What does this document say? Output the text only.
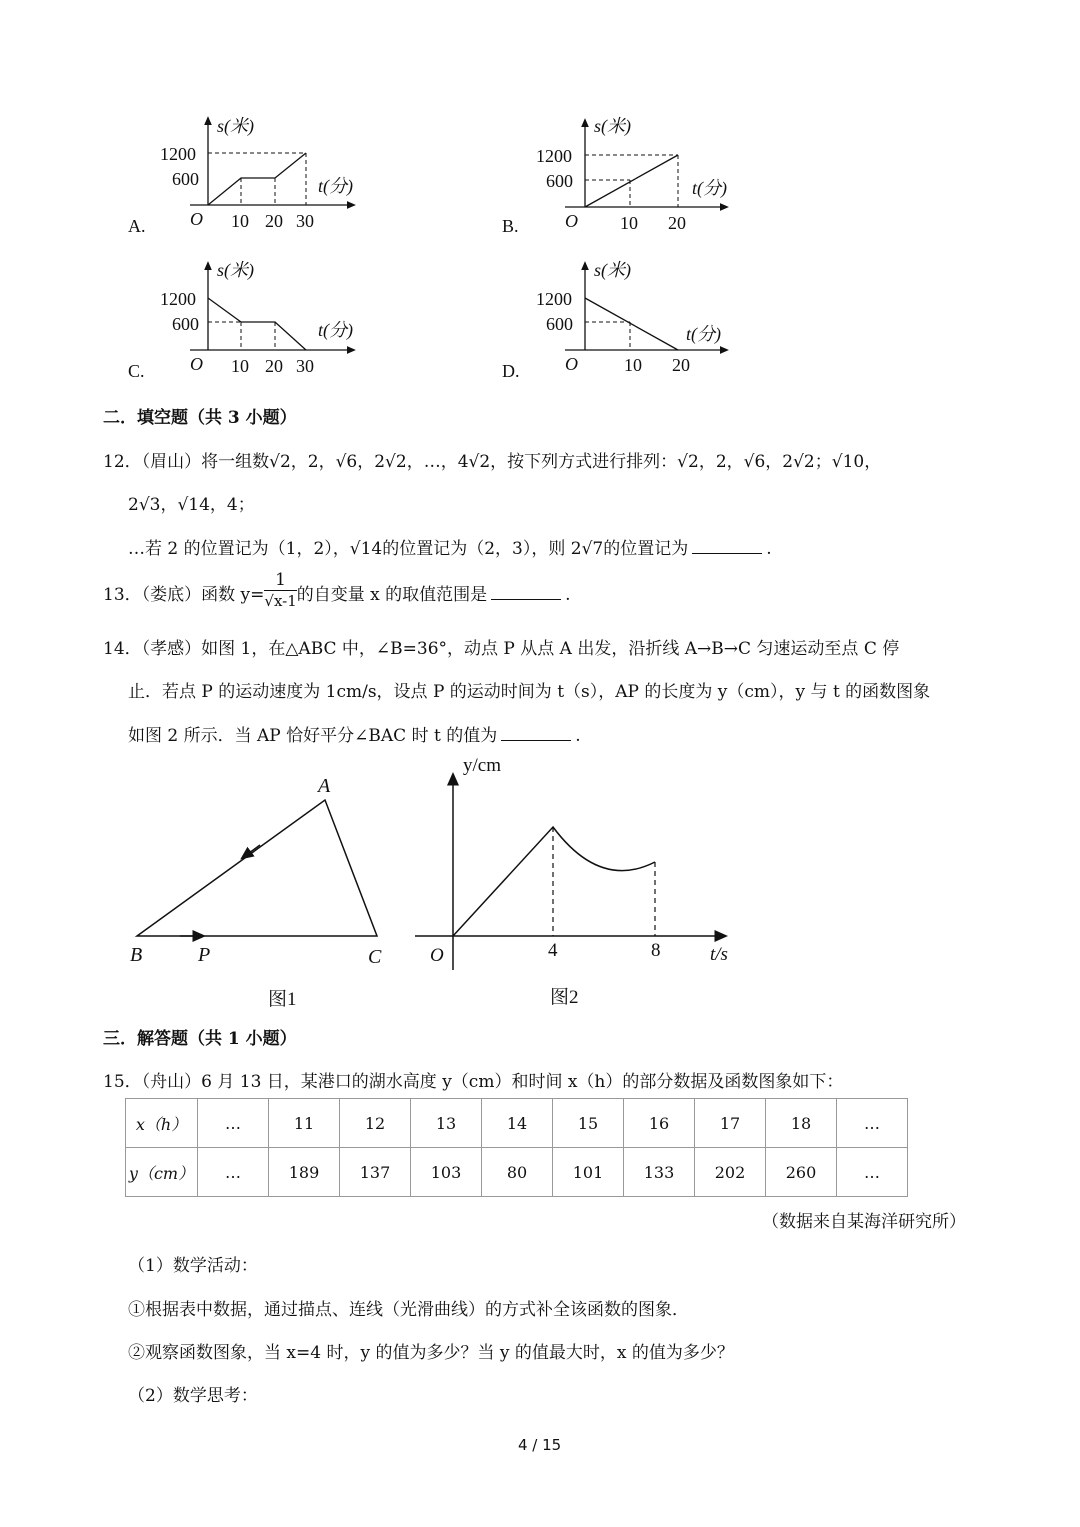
A.
s(米)
1200
600	t(分)
O 10 20 30	B.
s(米)
1200
600	t(分)
O 10 20
C.
s(米)
1200
600	t(分)
O 10 20 30	D.
s(米)
1200
600	t(分)
O	10 20
二．填空题（共 3 小题）
12．（眉山）将一组数√2，2，√6，2√2，…，4√2，按下列方式进行排列：√2，2，√6，2√2；√10，
2√3，√14，4；
…若 2 的位置记为（1，2），√14的位置记为（2，3），则 2√7的位置记为	.
13．（娄底）函数 $y= \frac{1}{√x-1}$ 的自变量 x 的取值范围是	.
14．（孝感）如图 1，在△ABC 中，∠B=36°，动点 P 从点 A 出发，沿折线 A→B→C 匀速运动至点 C 停
止．若点 P 的运动速度为 1cm/s，设点 P 的运动时间为 t（s），AP 的长度为 y（cm），y 与 t 的函数图象
如图 2 所示．当 AP 恰好平分∠BAC 时 t 的值为	.
A
B	C
P
图1
y/cm
O	4	8	t/s
图2
三．解答题（共 1 小题）
15．（舟山）6 月 13 日，某港口的湖水高度 y（cm）和时间 x（h）的部分数据及函数图象如下：
x（h）	…	11	12	13	14	15	16	17	18	…
y（cm）	…	189	137	103	80	101	133	202	260	…
（数据来自某海洋研究所）
（1）数学活动：
①根据表中数据，通过描点、连线（光滑曲线）的方式补全该函数的图象．
②观察函数图象，当 x=4 时，y 的值为多少？当 y 的值最大时，x 的值为多少？
（2）数学思考：
4 / 15
